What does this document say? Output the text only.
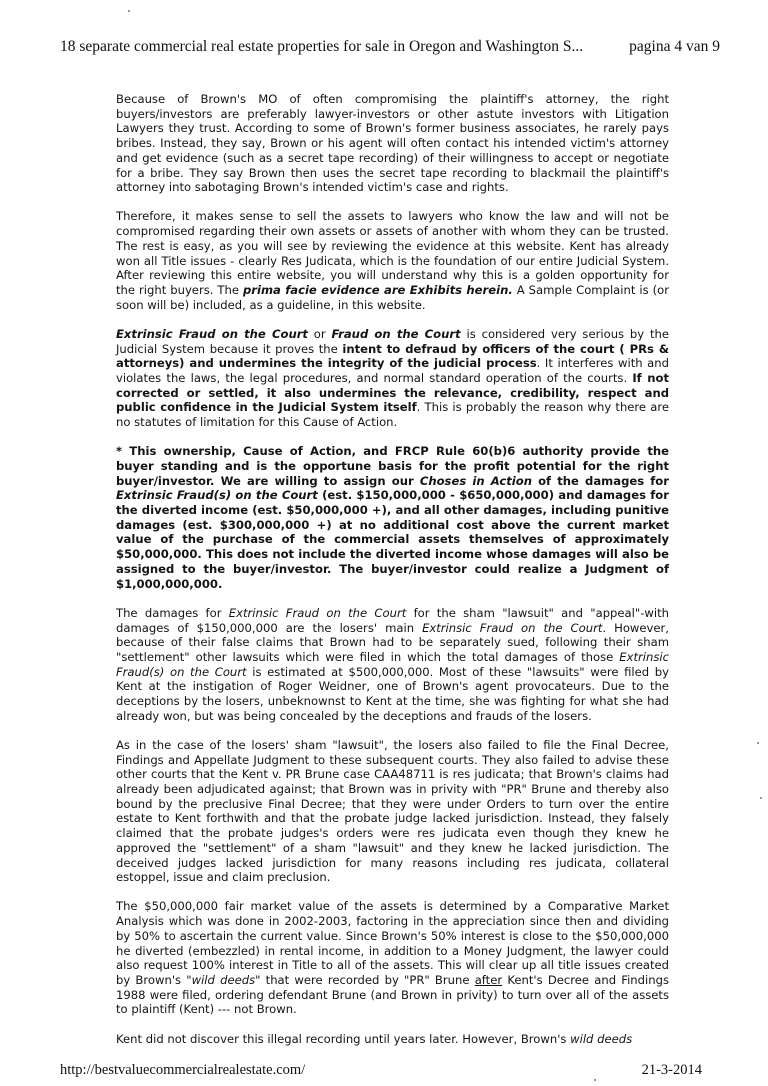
18 separate commercial real estate properties for sale in Oregon and Washington S...	pagina 4 van 9

Because of Brown's MO of often compromising the plaintiff's attorney, the right buyers/investors are preferably lawyer-investors or other astute investors with Litigation Lawyers they trust. According to some of Brown's former business associates, he rarely pays bribes. Instead, they say, Brown or his agent will often contact his intended victim's attorney and get evidence (such as a secret tape recording) of their willingness to accept or negotiate for a bribe. They say Brown then uses the secret tape recording to blackmail the plaintiff's attorney into sabotaging Brown's intended victim's case and rights.

Therefore, it makes sense to sell the assets to lawyers who know the law and will not be compromised regarding their own assets or assets of another with whom they can be trusted. The rest is easy, as you will see by reviewing the evidence at this website. Kent has already won all Title issues - clearly Res Judicata, which is the foundation of our entire Judicial System. After reviewing this entire website, you will understand why this is a golden opportunity for the right buyers. The prima facie evidence are Exhibits herein. A Sample Complaint is (or soon will be) included, as a guideline, in this website.

Extrinsic Fraud on the Court or Fraud on the Court is considered very serious by the Judicial System because it proves the intent to defraud by officers of the court ( PRs & attorneys) and undermines the integrity of the judicial process. It interferes with and violates the laws, the legal procedures, and normal standard operation of the courts. If not corrected or settled, it also undermines the relevance, credibility, respect and public confidence in the Judicial System itself. This is probably the reason why there are no statutes of limitation for this Cause of Action.

* This ownership, Cause of Action, and FRCP Rule 60(b)6 authority provide the buyer standing and is the opportune basis for the profit potential for the right buyer/investor. We are willing to assign our Choses in Action of the damages for Extrinsic Fraud(s) on the Court (est. $150,000,000 - $650,000,000) and damages for the diverted income (est. $50,000,000 +), and all other damages, including punitive damages (est. $300,000,000 +) at no additional cost above the current market value of the purchase of the commercial assets themselves of approximately $50,000,000. This does not include the diverted income whose damages will also be assigned to the buyer/investor. The buyer/investor could realize a Judgment of $1,000,000,000.

The damages for Extrinsic Fraud on the Court for the sham "lawsuit" and "appeal"-with damages of $150,000,000 are the losers' main Extrinsic Fraud on the Court. However, because of their false claims that Brown had to be separately sued, following their sham "settlement" other lawsuits which were filed in which the total damages of those Extrinsic Fraud(s) on the Court is estimated at $500,000,000. Most of these "lawsuits" were filed by Kent at the instigation of Roger Weidner, one of Brown's agent provocateurs. Due to the deceptions by the losers, unbeknownst to Kent at the time, she was fighting for what she had already won, but was being concealed by the deceptions and frauds of the losers.

As in the case of the losers' sham "lawsuit", the losers also failed to file the Final Decree, Findings and Appellate Judgment to these subsequent courts. They also failed to advise these other courts that the Kent v. PR Brune case CAA48711 is res judicata; that Brown's claims had already been adjudicated against; that Brown was in privity with "PR" Brune and thereby also bound by the preclusive Final Decree; that they were under Orders to turn over the entire estate to Kent forthwith and that the probate judge lacked jurisdiction. Instead, they falsely claimed that the probate judges's orders were res judicata even though they knew he approved the "settlement" of a sham "lawsuit" and they knew he lacked jurisdiction. The deceived judges lacked jurisdiction for many reasons including res judicata, collateral estoppel, issue and claim preclusion.

The $50,000,000 fair market value of the assets is determined by a Comparative Market Analysis which was done in 2002-2003, factoring in the appreciation since then and dividing by 50% to ascertain the current value. Since Brown's 50% interest is close to the $50,000,000 he diverted (embezzled) in rental income, in addition to a Money Judgment, the lawyer could also request 100% interest in Title to all of the assets. This will clear up all title issues created by Brown's "wild deeds" that were recorded by "PR" Brune after Kent's Decree and Findings 1988 were filed, ordering defendant Brune (and Brown in privity) to turn over all of the assets to plaintiff (Kent) --- not Brown.

Kent did not discover this illegal recording until years later. However, Brown's wild deeds

http://bestvaluecommercialrealestate.com/	21-3-2014
